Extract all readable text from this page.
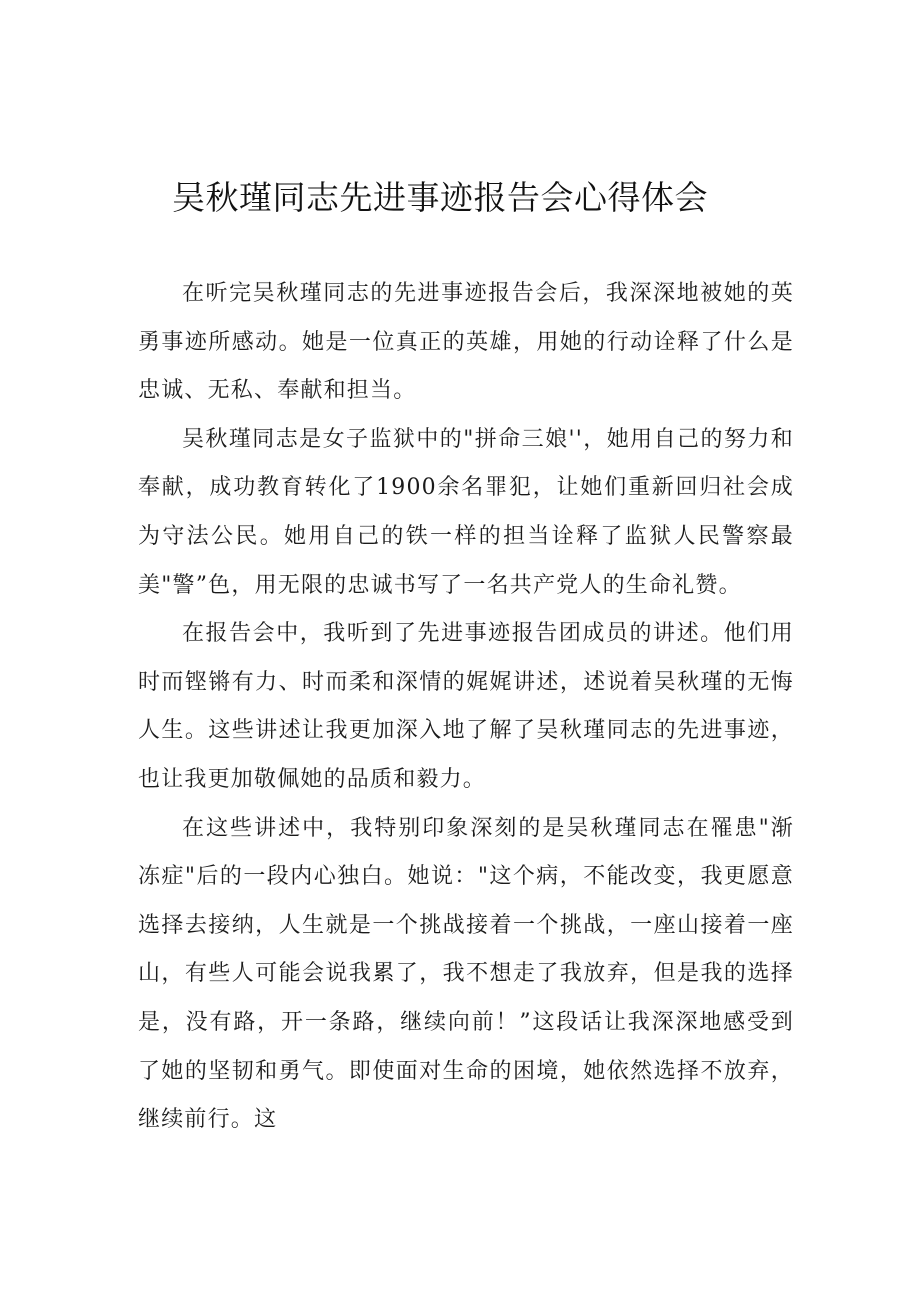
吴秋瑾同志先进事迹报告会心得体会

在听完吴秋瑾同志的先进事迹报告会后，我深深地被她的英勇事迹所感动。她是一位真正的英雄，用她的行动诠释了什么是忠诚、无私、奉献和担当。

吴秋瑾同志是女子监狱中的"拼命三娘''，她用自己的努力和奉献，成功教育转化了1900余名罪犯，让她们重新回归社会成为守法公民。她用自己的铁一样的担当诠释了监狱人民警察最美"警”色，用无限的忠诚书写了一名共产党人的生命礼赞。

在报告会中，我听到了先进事迹报告团成员的讲述。他们用时而铿锵有力、时而柔和深情的娓娓讲述，述说着吴秋瑾的无悔人生。这些讲述让我更加深入地了解了吴秋瑾同志的先进事迹，也让我更加敬佩她的品质和毅力。

在这些讲述中，我特别印象深刻的是吴秋瑾同志在罹患"渐冻症"后的一段内心独白。她说："这个病，不能改变，我更愿意选择去接纳，人生就是一个挑战接着一个挑战，一座山接着一座山，有些人可能会说我累了，我不想走了我放弃，但是我的选择是，没有路，开一条路，继续向前！”这段话让我深深地感受到了她的坚韧和勇气。即使面对生命的困境，她依然选择不放弃，继续前行。这
